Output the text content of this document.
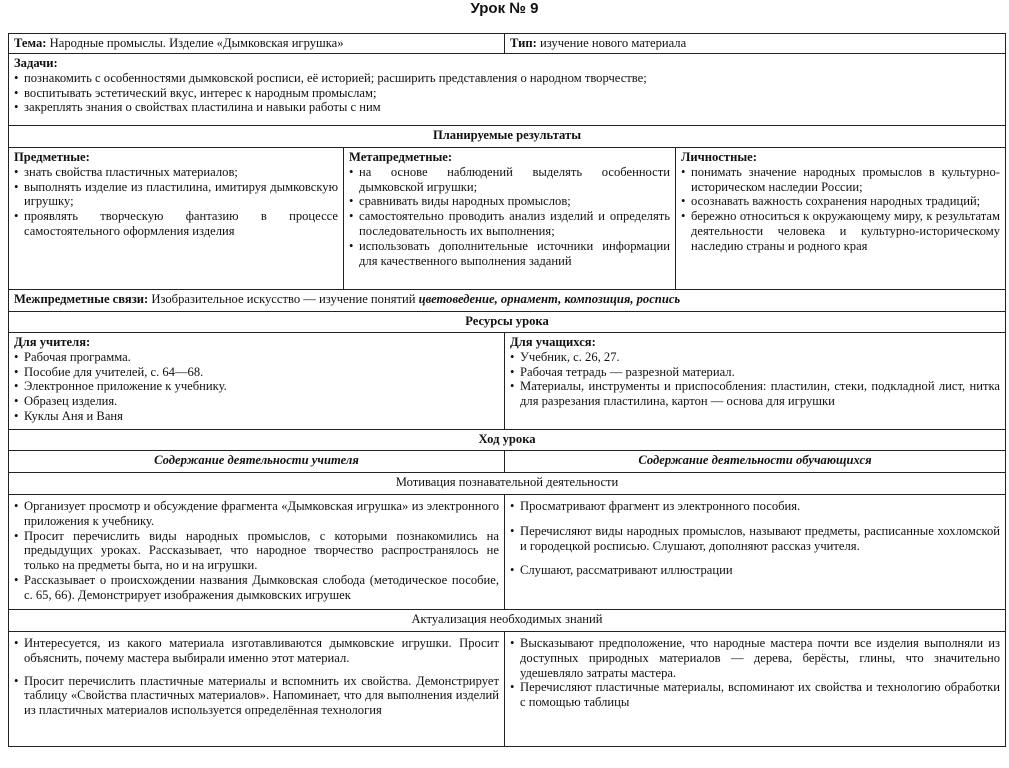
Урок № 9
Тема: Народные промыслы. Изделие «Дымковская игрушка»	Тип: изучение нового материала
Задачи:
• познакомить с особенностями дымковской росписи, её историей; расширить представления о народном творчестве;
• воспитывать эстетический вкус, интерес к народным промыслам;
• закреплять знания о свойствах пластилина и навыки работы с ним
Планируемые результаты
Предметные:
• знать свойства пластичных материалов;
• выполнять изделие из пластилина, имитируя дымковскую игрушку;
• проявлять творческую фантазию в процессе самостоятельного оформления изделия
Метапредметные:
• на основе наблюдений выделять особенности дымковской игрушки;
• сравнивать виды народных промыслов;
• самостоятельно проводить анализ изделий и определять последовательность их выполнения;
• использовать дополнительные источники информации для качественного выполнения заданий
Личностные:
• понимать значение народных промыслов в культурно-историческом наследии России;
• осознавать важность сохранения народных традиций;
• бережно относиться к окружающему миру, к результатам деятельности человека и культурно-историческому наследию страны и родного края
Межпредметные связи: Изобразительное искусство — изучение понятий цветоведение, орнамент, композиция, роспись
Ресурсы урока
Для учителя:
• Рабочая программа.
• Пособие для учителей, с. 64—68.
• Электронное приложение к учебнику.
• Образец изделия.
• Куклы Аня и Ваня
Для учащихся:
• Учебник, с. 26, 27.
• Рабочая тетрадь — разрезной материал.
• Материалы, инструменты и приспособления: пластилин, стеки, подкладной лист, нитка для разрезания пластилина, картон — основа для игрушки
Ход урока
Содержание деятельности учителя	Содержание деятельности обучающихся
Мотивация познавательной деятельности
• Организует просмотр и обсуждение фрагмента «Дымковская игрушка» из электронного приложения к учебнику.
• Просит перечислить виды народных промыслов, с которыми познакомились на предыдущих уроках. Рассказывает, что народное творчество распространялось не только на предметы быта, но и на игрушки.
• Рассказывает о происхождении названия Дымковская слобода (методическое пособие, с. 65, 66). Демонстрирует изображения дымковских игрушек
• Просматривают фрагмент из электронного пособия.
• Перечисляют виды народных промыслов, называют предметы, расписанные хохломской и городецкой росписью. Слушают, дополняют рассказ учителя.
• Слушают, рассматривают иллюстрации
Актуализация необходимых знаний
• Интересуется, из какого материала изготавливаются дымковские игрушки. Просит объяснить, почему мастера выбирали именно этот материал.
• Просит перечислить пластичные материалы и вспомнить их свойства. Демонстрирует таблицу «Свойства пластичных материалов». Напоминает, что для выполнения изделий из пластичных материалов используется определённая технология
• Высказывают предположение, что народные мастера почти все изделия выполняли из доступных природных материалов — дерева, берёсты, глины, что значительно удешевляло затраты мастера.
• Перечисляют пластичные материалы, вспоминают их свойства и технологию обработки с помощью таблицы
